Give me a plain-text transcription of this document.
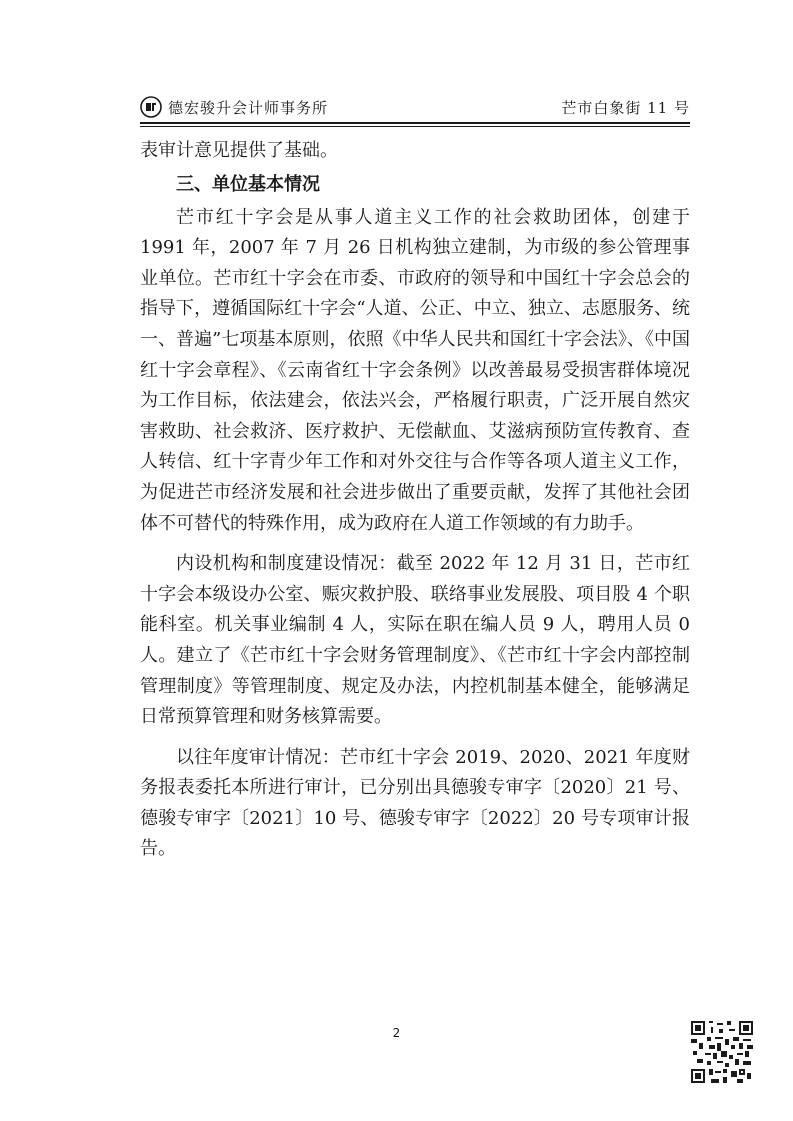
德宏骏升会计师事务所	芒市白象街 11 号

表审计意见提供了基础。

三、单位基本情况

芒市红十字会是从事人道主义工作的社会救助团体，创建于 1991 年，2007 年 7 月 26 日机构独立建制，为市级的参公管理事业单位。芒市红十字会在市委、市政府的领导和中国红十字会总会的指导下，遵循国际红十字会“人道、公正、中立、独立、志愿服务、统一、普遍”七项基本原则，依照《中华人民共和国红十字会法》、《中国红十字会章程》、《云南省红十字会条例》以改善最易受损害群体境况为工作目标，依法建会，依法兴会，严格履行职责，广泛开展自然灾害救助、社会救济、医疗救护、无偿献血、艾滋病预防宣传教育、查人转信、红十字青少年工作和对外交往与合作等各项人道主义工作，为促进芒市经济发展和社会进步做出了重要贡献，发挥了其他社会团体不可替代的特殊作用，成为政府在人道工作领域的有力助手。

内设机构和制度建设情况：截至 2022 年 12 月 31 日，芒市红十字会本级设办公室、赈灾救护股、联络事业发展股、项目股 4 个职能科室。机关事业编制 4 人，实际在职在编人员 9 人，聘用人员 0 人。建立了《芒市红十字会财务管理制度》、《芒市红十字会内部控制管理制度》等管理制度、规定及办法，内控机制基本健全，能够满足日常预算管理和财务核算需要。

以往年度审计情况：芒市红十字会 2019、2020、2021 年度财务报表委托本所进行审计，已分别出具德骏专审字〔2020〕21 号、德骏专审字〔2021〕10 号、德骏专审字〔2022〕20 号专项审计报告。

2
